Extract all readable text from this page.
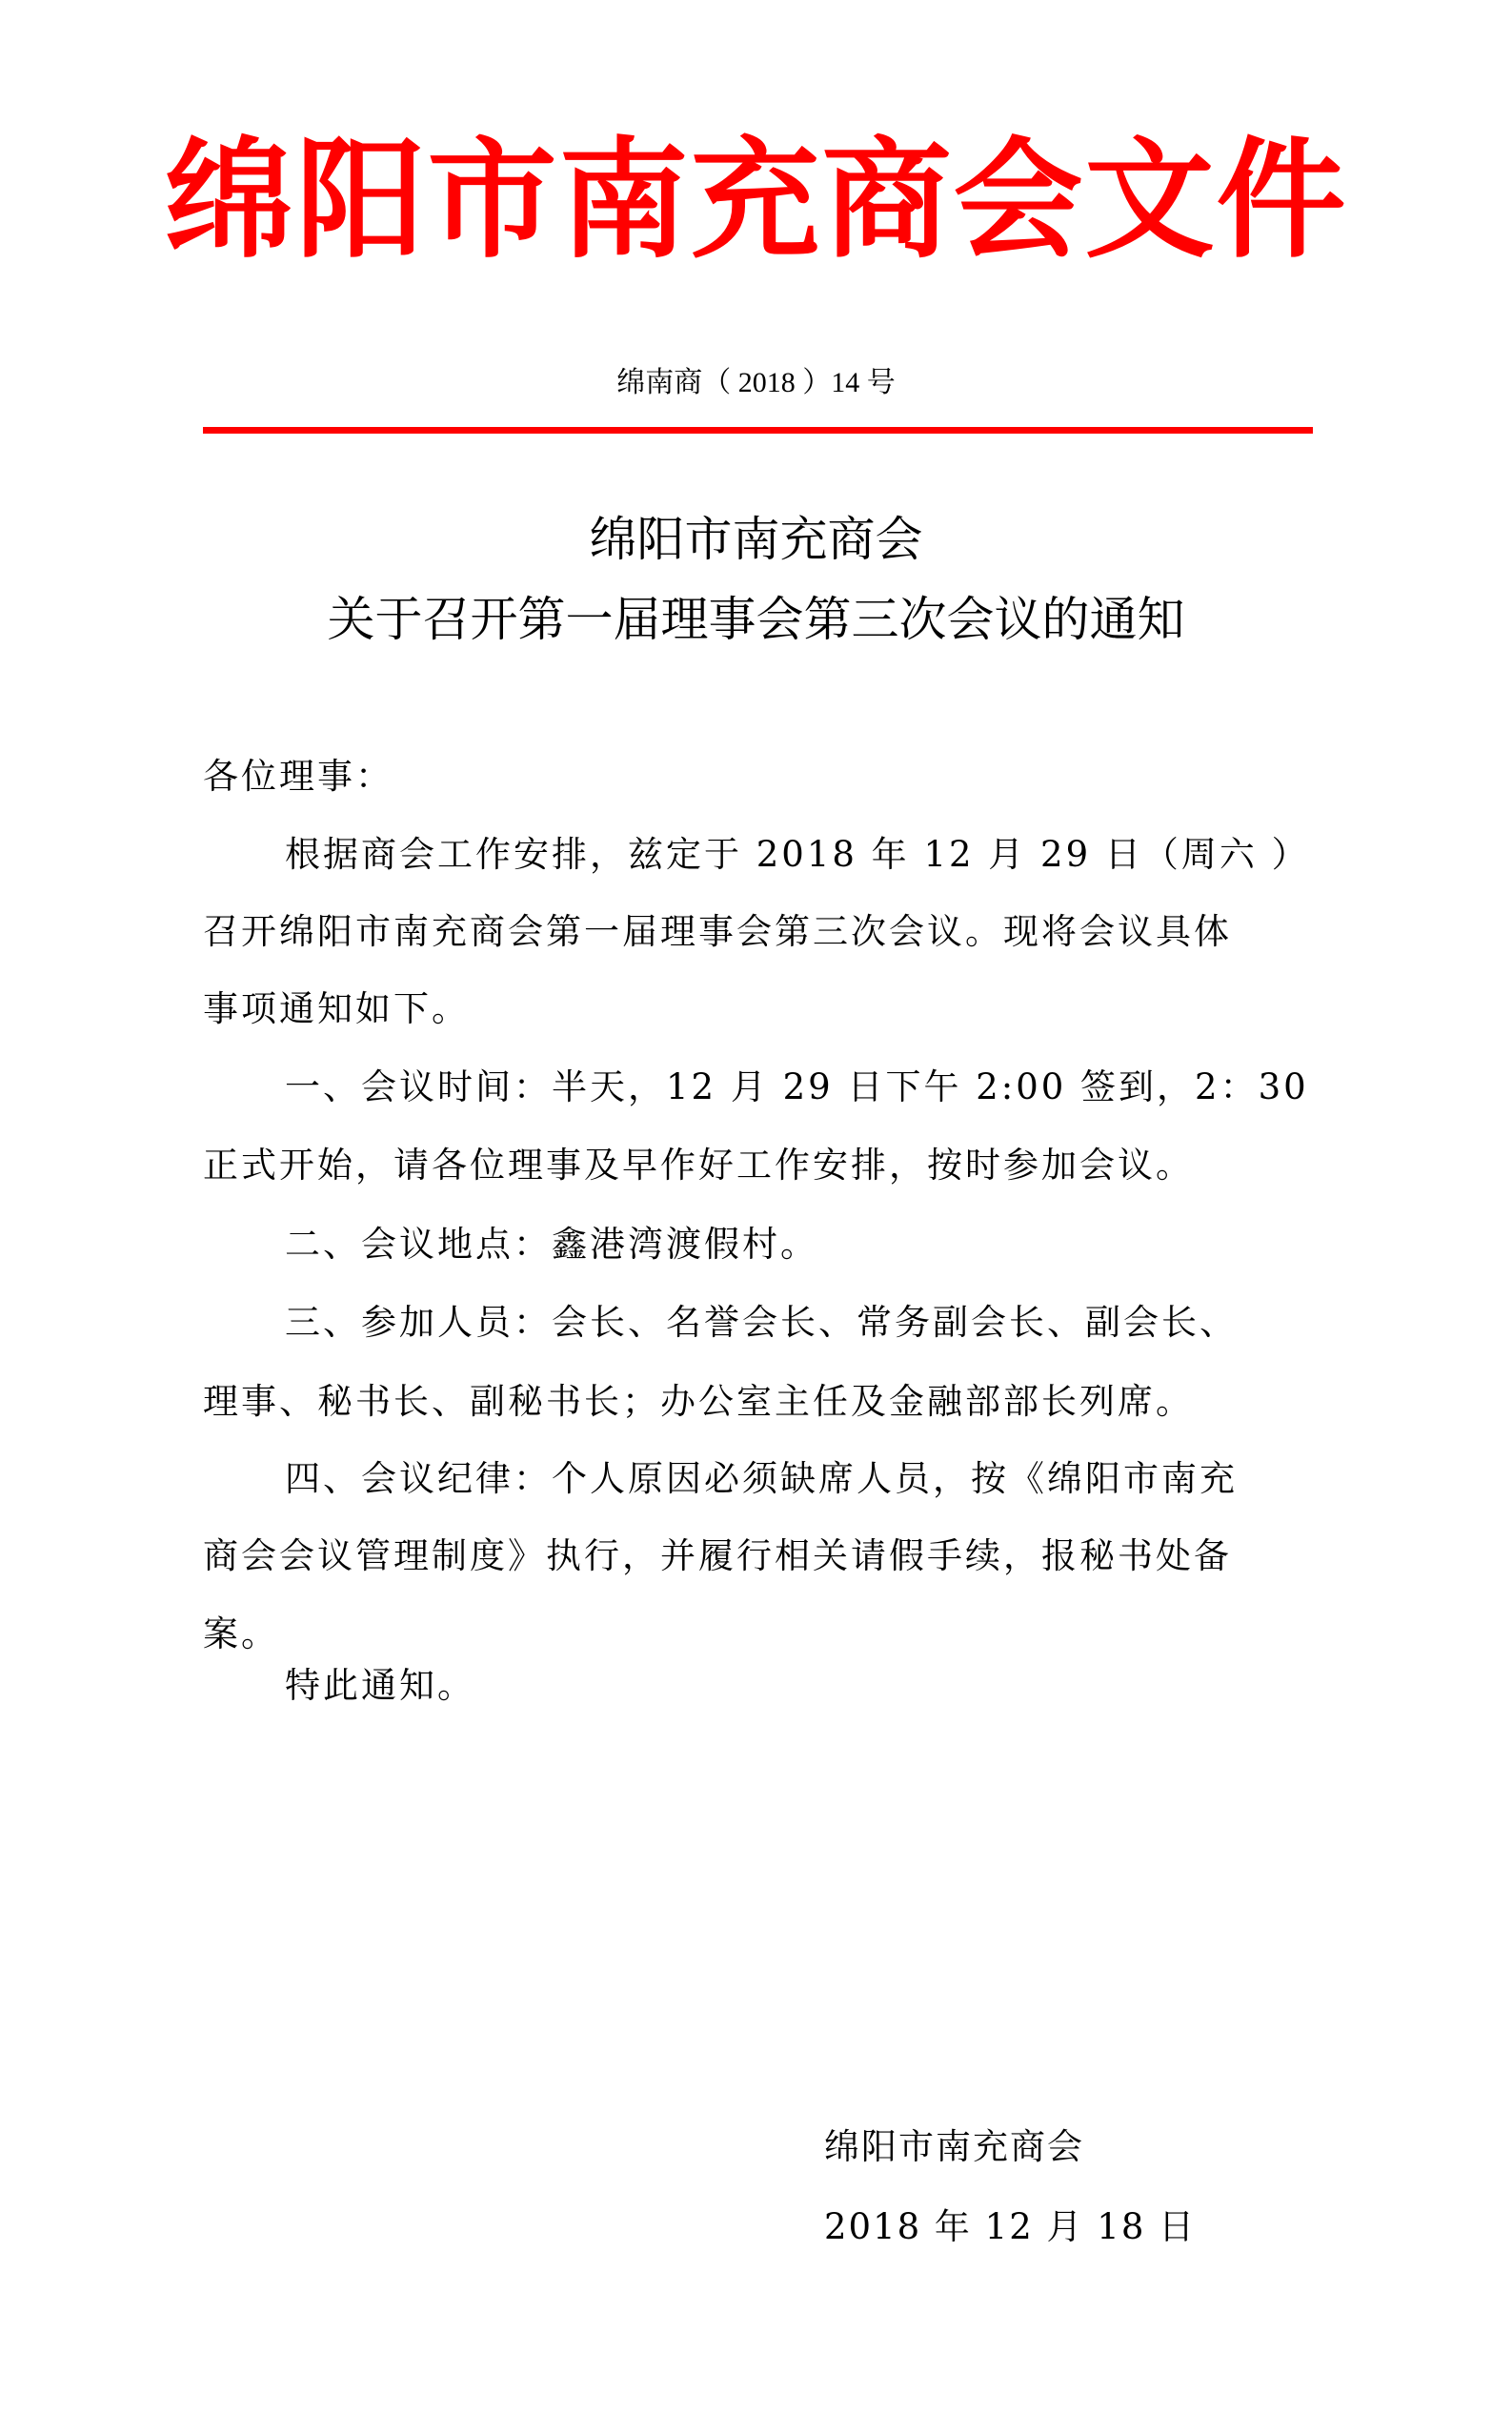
绵阳市南充商会文件
绵南商（ 2018 ）14 号
绵阳市南充商会
关于召开第一届理事会第三次会议的通知
各位理事：
根据商会工作安排，兹定于 2018 年 12 月 29 日（周六 ）
召开绵阳市南充商会第一届理事会第三次会议。现将会议具体
事项通知如下。
一、会议时间：半天，12 月 29 日下午 2:00 签到，2：30
正式开始，请各位理事及早作好工作安排，按时参加会议。
二、会议地点：鑫港湾渡假村。
三、参加人员：会长、名誉会长、常务副会长、副会长、
理事、秘书长、副秘书长；办公室主任及金融部部长列席。
四、会议纪律：个人原因必须缺席人员，按《绵阳市南充
商会会议管理制度》执行，并履行相关请假手续，报秘书处备
案。
特此通知。
绵阳市南充商会
2018 年 12 月 18 日
